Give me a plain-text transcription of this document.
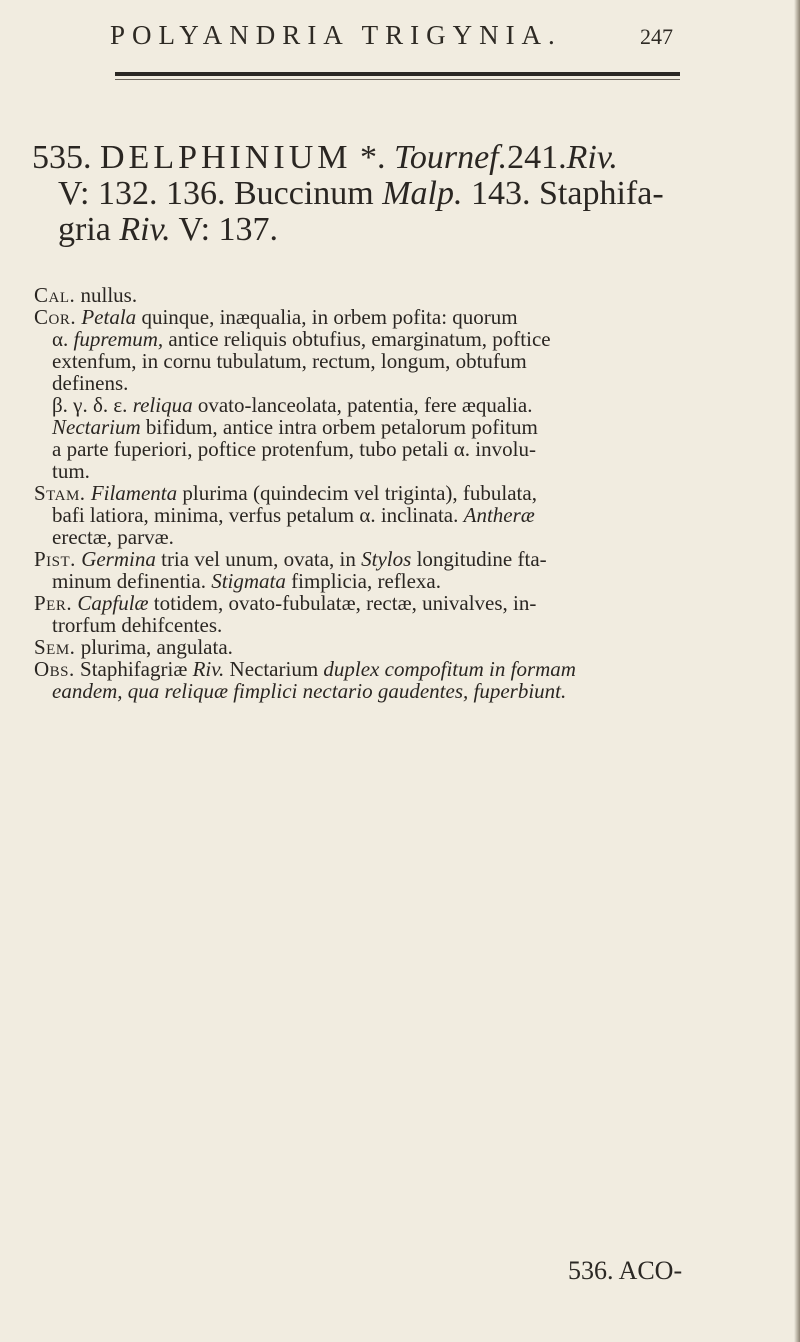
POLYANDRIA TRIGYNIA.	247
535. DELPHINIUM *. Tournef.241.Riv.
V: 132. 136. Buccinum Malp. 143. Staphifa-
gria Riv. V: 137.
Cal. nullus.
Cor. Petala quinque, inæqualia, in orbem pofita: quorum
α. fupremum, antice reliquis obtufius, emarginatum, poftice
extenfum, in cornu tubulatum, rectum, longum, obtufum
definens.
β. γ. δ. ε. reliqua ovato-lanceolata, patentia, fere æqualia.
Nectarium bifidum, antice intra orbem petalorum pofitum
a parte fuperiori, poftice protenfum, tubo petali α. involu-
tum.
Stam. Filamenta plurima (quindecim vel triginta), fubulata,
bafi latiora, minima, verfus petalum α. inclinata. Antheræ
erectæ, parvæ.
Pist. Germina tria vel unum, ovata, in Stylos longitudine fta-
minum definentia. Stigmata fimplicia, reflexa.
Per. Capfulæ totidem, ovato-fubulatæ, rectæ, univalves, in-
trorfum dehifcentes.
Sem. plurima, angulata.
Obs. Staphifagriæ Riv. Nectarium duplex compofitum in formam
eandem, qua reliquæ fimplici nectario gaudentes, fuperbiunt.
536. ACO-
